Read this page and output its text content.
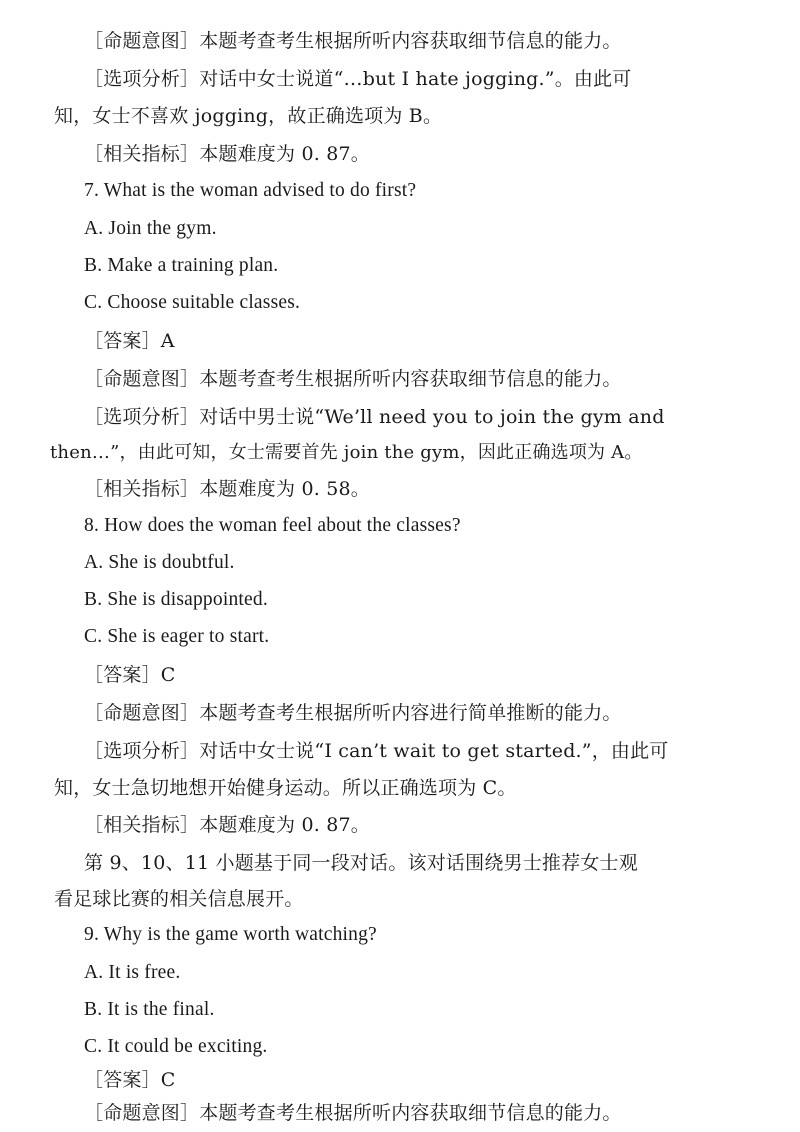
［命题意图］本题考查考生根据所听内容获取细节信息的能力。
［选项分析］对话中女士说道“…but I hate jogging.”。由此可
知，女士不喜欢 jogging，故正确选项为 B。
［相关指标］本题难度为 0. 87。
7. What is the woman advised to do first?
A. Join the gym.
B. Make a training plan.
C. Choose suitable classes.
［答案］A
［命题意图］本题考查考生根据所听内容获取细节信息的能力。
［选项分析］对话中男士说“We’ll need you to join the gym and
then…”，由此可知，女士需要首先 join the gym，因此正确选项为 A。
［相关指标］本题难度为 0. 58。
8. How does the woman feel about the classes?
A. She is doubtful.
B. She is disappointed.
C. She is eager to start.
［答案］C
［命题意图］本题考查考生根据所听内容进行简单推断的能力。
［选项分析］对话中女士说“I can’t wait to get started.”，由此可
知，女士急切地想开始健身运动。所以正确选项为 C。
［相关指标］本题难度为 0. 87。
第 9、10、11 小题基于同一段对话。该对话围绕男士推荐女士观
看足球比赛的相关信息展开。
9. Why is the game worth watching?
A. It is free.
B. It is the final.
C. It could be exciting.
［答案］C
［命题意图］本题考查考生根据所听内容获取细节信息的能力。
